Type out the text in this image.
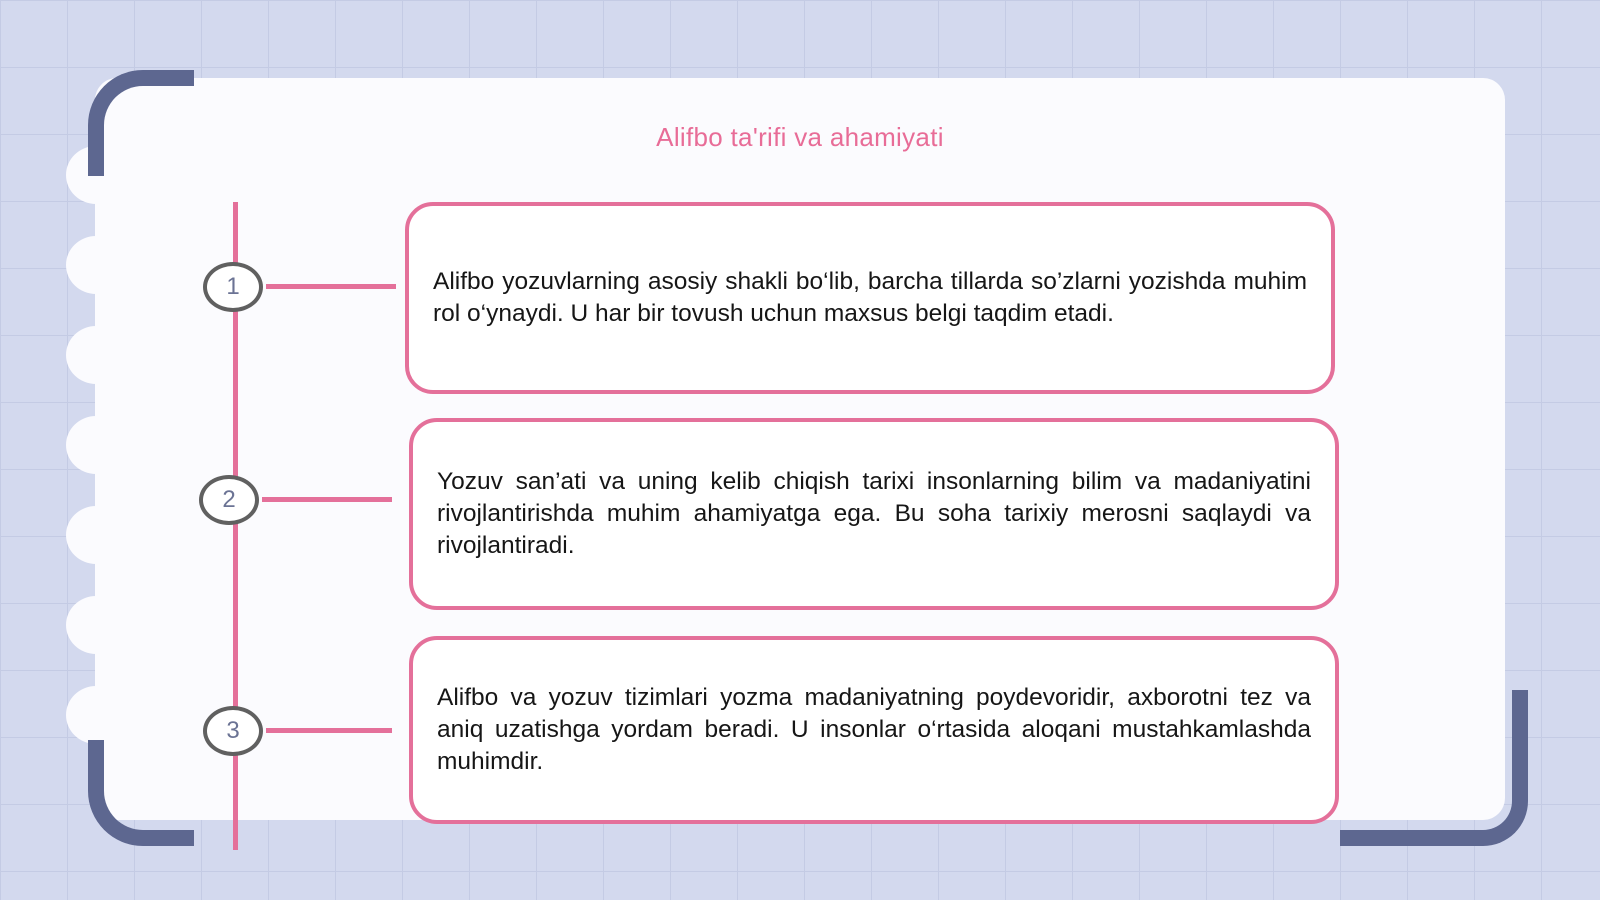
Alifbo ta'rifi va ahamiyati
1
2
3

Alifbo yozuvlarning asosiy shakli bo‘lib, barcha tillarda so’zlarni yozishda muhim rol o‘ynaydi. U har bir tovush uchun maxsus belgi taqdim etadi.

Yozuv san’ati va uning kelib chiqish tarixi insonlarning bilim va madaniyatini rivojlantirishda muhim ahamiyatga ega. Bu soha tarixiy merosni saqlaydi va rivojlantiradi.

Alifbo va yozuv tizimlari yozma madaniyatning poydevoridir, axborotni tez va aniq uzatishga yordam beradi. U insonlar o‘rtasida aloqani mustahkamlashda muhimdir.
